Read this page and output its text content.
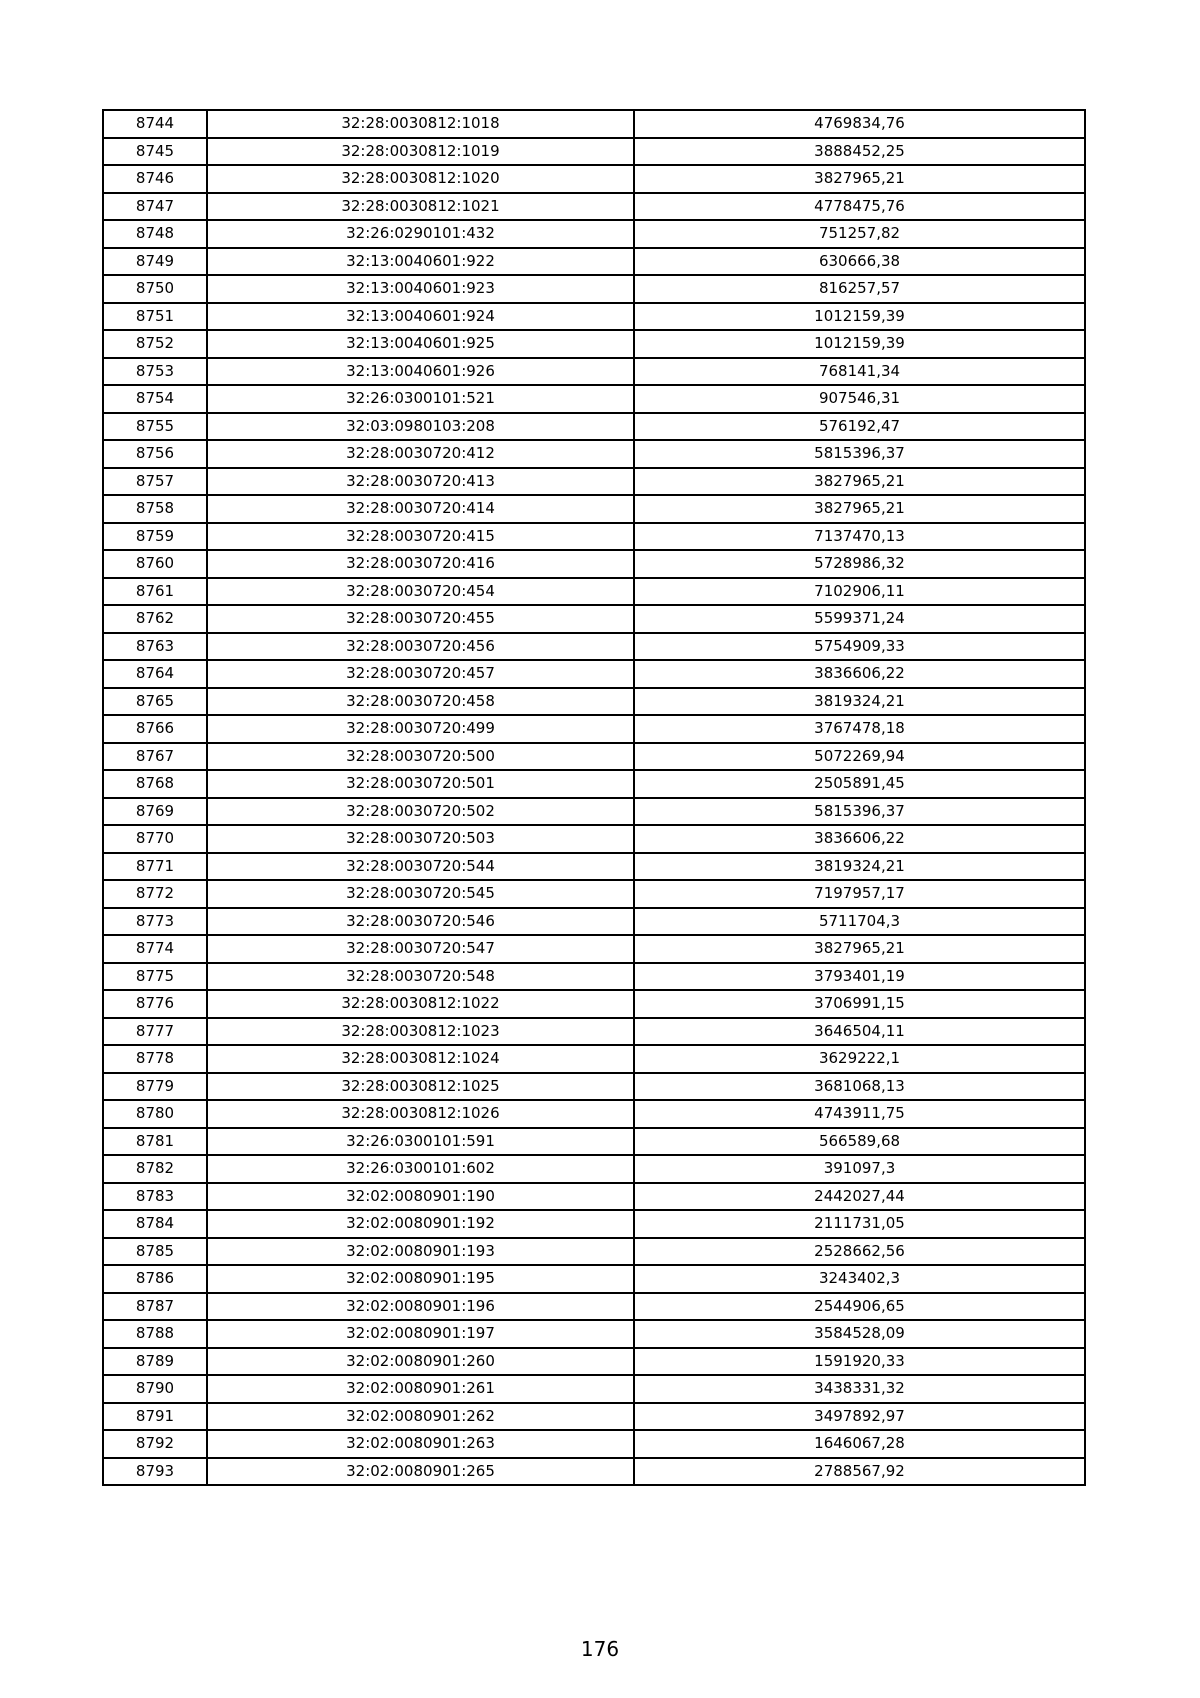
8744	32:28:0030812:1018	4769834,76
8745	32:28:0030812:1019	3888452,25
8746	32:28:0030812:1020	3827965,21
8747	32:28:0030812:1021	4778475,76
8748	32:26:0290101:432	751257,82
8749	32:13:0040601:922	630666,38
8750	32:13:0040601:923	816257,57
8751	32:13:0040601:924	1012159,39
8752	32:13:0040601:925	1012159,39
8753	32:13:0040601:926	768141,34
8754	32:26:0300101:521	907546,31
8755	32:03:0980103:208	576192,47
8756	32:28:0030720:412	5815396,37
8757	32:28:0030720:413	3827965,21
8758	32:28:0030720:414	3827965,21
8759	32:28:0030720:415	7137470,13
8760	32:28:0030720:416	5728986,32
8761	32:28:0030720:454	7102906,11
8762	32:28:0030720:455	5599371,24
8763	32:28:0030720:456	5754909,33
8764	32:28:0030720:457	3836606,22
8765	32:28:0030720:458	3819324,21
8766	32:28:0030720:499	3767478,18
8767	32:28:0030720:500	5072269,94
8768	32:28:0030720:501	2505891,45
8769	32:28:0030720:502	5815396,37
8770	32:28:0030720:503	3836606,22
8771	32:28:0030720:544	3819324,21
8772	32:28:0030720:545	7197957,17
8773	32:28:0030720:546	5711704,3
8774	32:28:0030720:547	3827965,21
8775	32:28:0030720:548	3793401,19
8776	32:28:0030812:1022	3706991,15
8777	32:28:0030812:1023	3646504,11
8778	32:28:0030812:1024	3629222,1
8779	32:28:0030812:1025	3681068,13
8780	32:28:0030812:1026	4743911,75
8781	32:26:0300101:591	566589,68
8782	32:26:0300101:602	391097,3
8783	32:02:0080901:190	2442027,44
8784	32:02:0080901:192	2111731,05
8785	32:02:0080901:193	2528662,56
8786	32:02:0080901:195	3243402,3
8787	32:02:0080901:196	2544906,65
8788	32:02:0080901:197	3584528,09
8789	32:02:0080901:260	1591920,33
8790	32:02:0080901:261	3438331,32
8791	32:02:0080901:262	3497892,97
8792	32:02:0080901:263	1646067,28
8793	32:02:0080901:265	2788567,92
176
